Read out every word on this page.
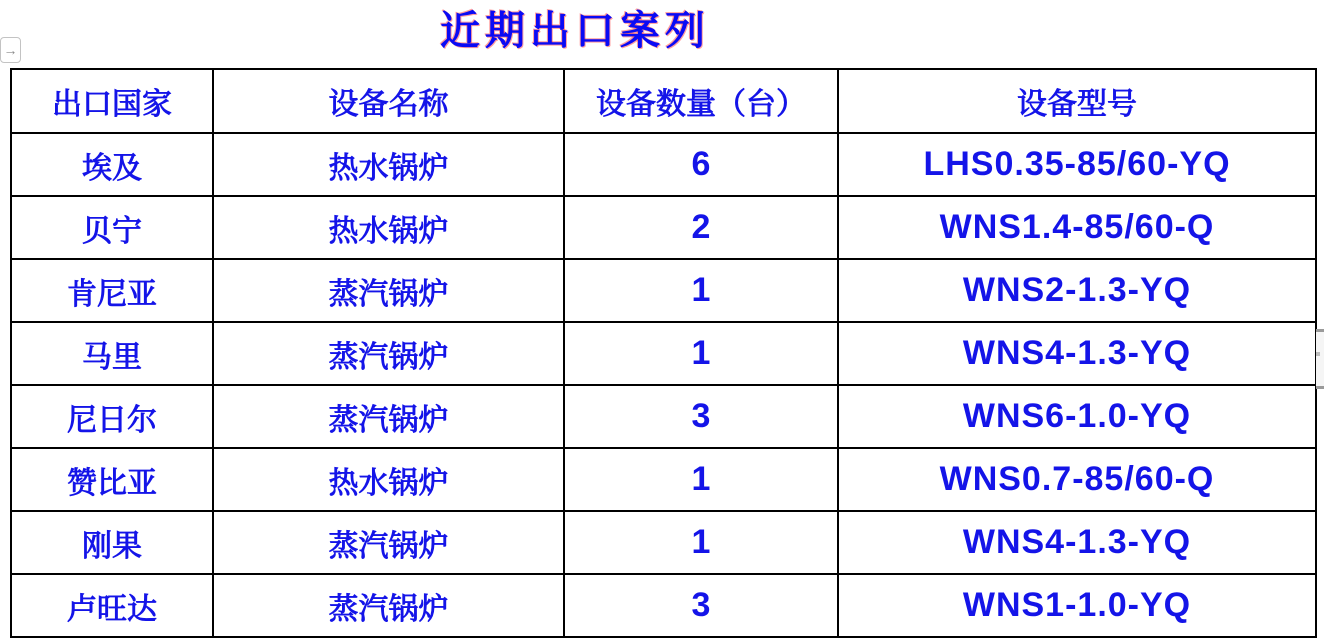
→	近期出口案列
出口国家	设备名称	设备数量（台）	设备型号
埃及	热水锅炉	6	LHS0.35-85/60-YQ
贝宁	热水锅炉	2	WNS1.4-85/60-Q
肯尼亚	蒸汽锅炉	1	WNS2-1.3-YQ
马里	蒸汽锅炉	1	WNS4-1.3-YQ
尼日尔	蒸汽锅炉	3	WNS6-1.0-YQ
赞比亚	热水锅炉	1	WNS0.7-85/60-Q
刚果	蒸汽锅炉	1	WNS4-1.3-YQ
卢旺达	蒸汽锅炉	3	WNS1-1.0-YQ
